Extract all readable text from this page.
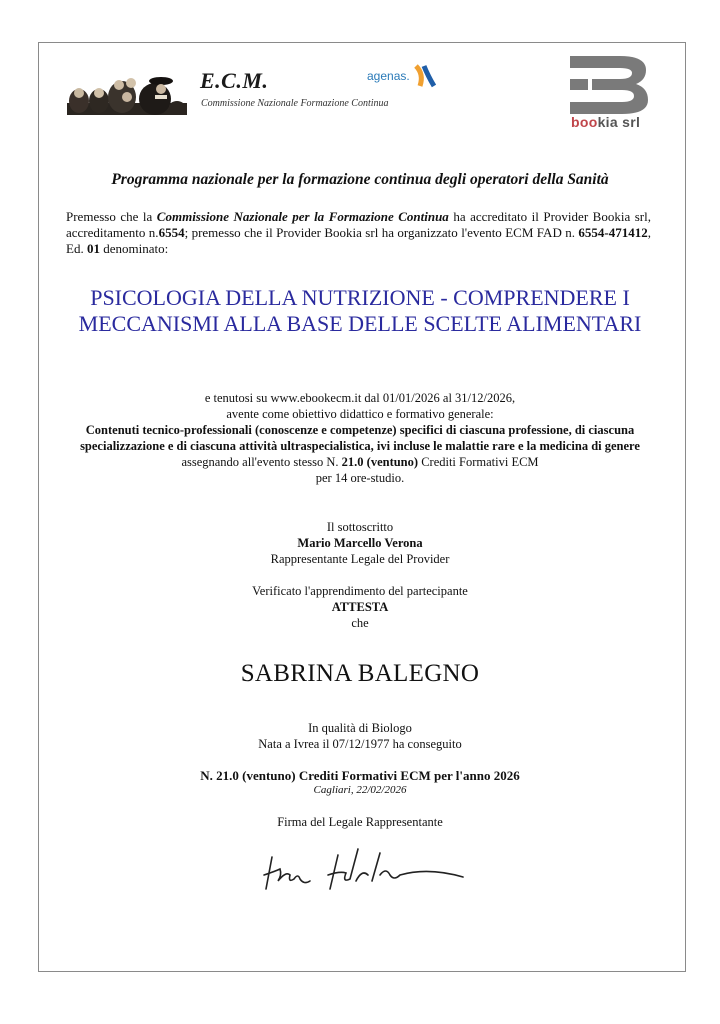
E.C.M.
Commissione Nazionale Formazione Continua
agenas.
bookia srl
Programma nazionale per la formazione continua degli operatori della Sanità
Premesso che la Commissione Nazionale per la Formazione Continua ha accreditato il Provider Bookia srl, accreditamento n.6554; premesso che il Provider Bookia srl ha organizzato l'evento ECM FAD n. 6554-471412, Ed. 01 denominato:
PSICOLOGIA DELLA NUTRIZIONE - COMPRENDERE I MECCANISMI ALLA BASE DELLE SCELTE ALIMENTARI
e tenutosi su www.ebookecm.it dal 01/01/2026 al 31/12/2026,
avente come obiettivo didattico e formativo generale:
Contenuti tecnico-professionali (conoscenze e competenze) specifici di ciascuna professione, di ciascuna specializzazione e di ciascuna attività ultraspecialistica, ivi incluse le malattie rare e la medicina di genere
assegnando all'evento stesso N. 21.0 (ventuno) Crediti Formativi ECM
per 14 ore-studio.
Il sottoscritto
Mario Marcello Verona
Rappresentante Legale del Provider
Verificato l'apprendimento del partecipante
ATTESTA
che
SABRINA BALEGNO
In qualità di Biologo
Nata a Ivrea il 07/12/1977 ha conseguito
N. 21.0 (ventuno) Crediti Formativi ECM per l'anno 2026
Cagliari, 22/02/2026
Firma del Legale Rappresentante
